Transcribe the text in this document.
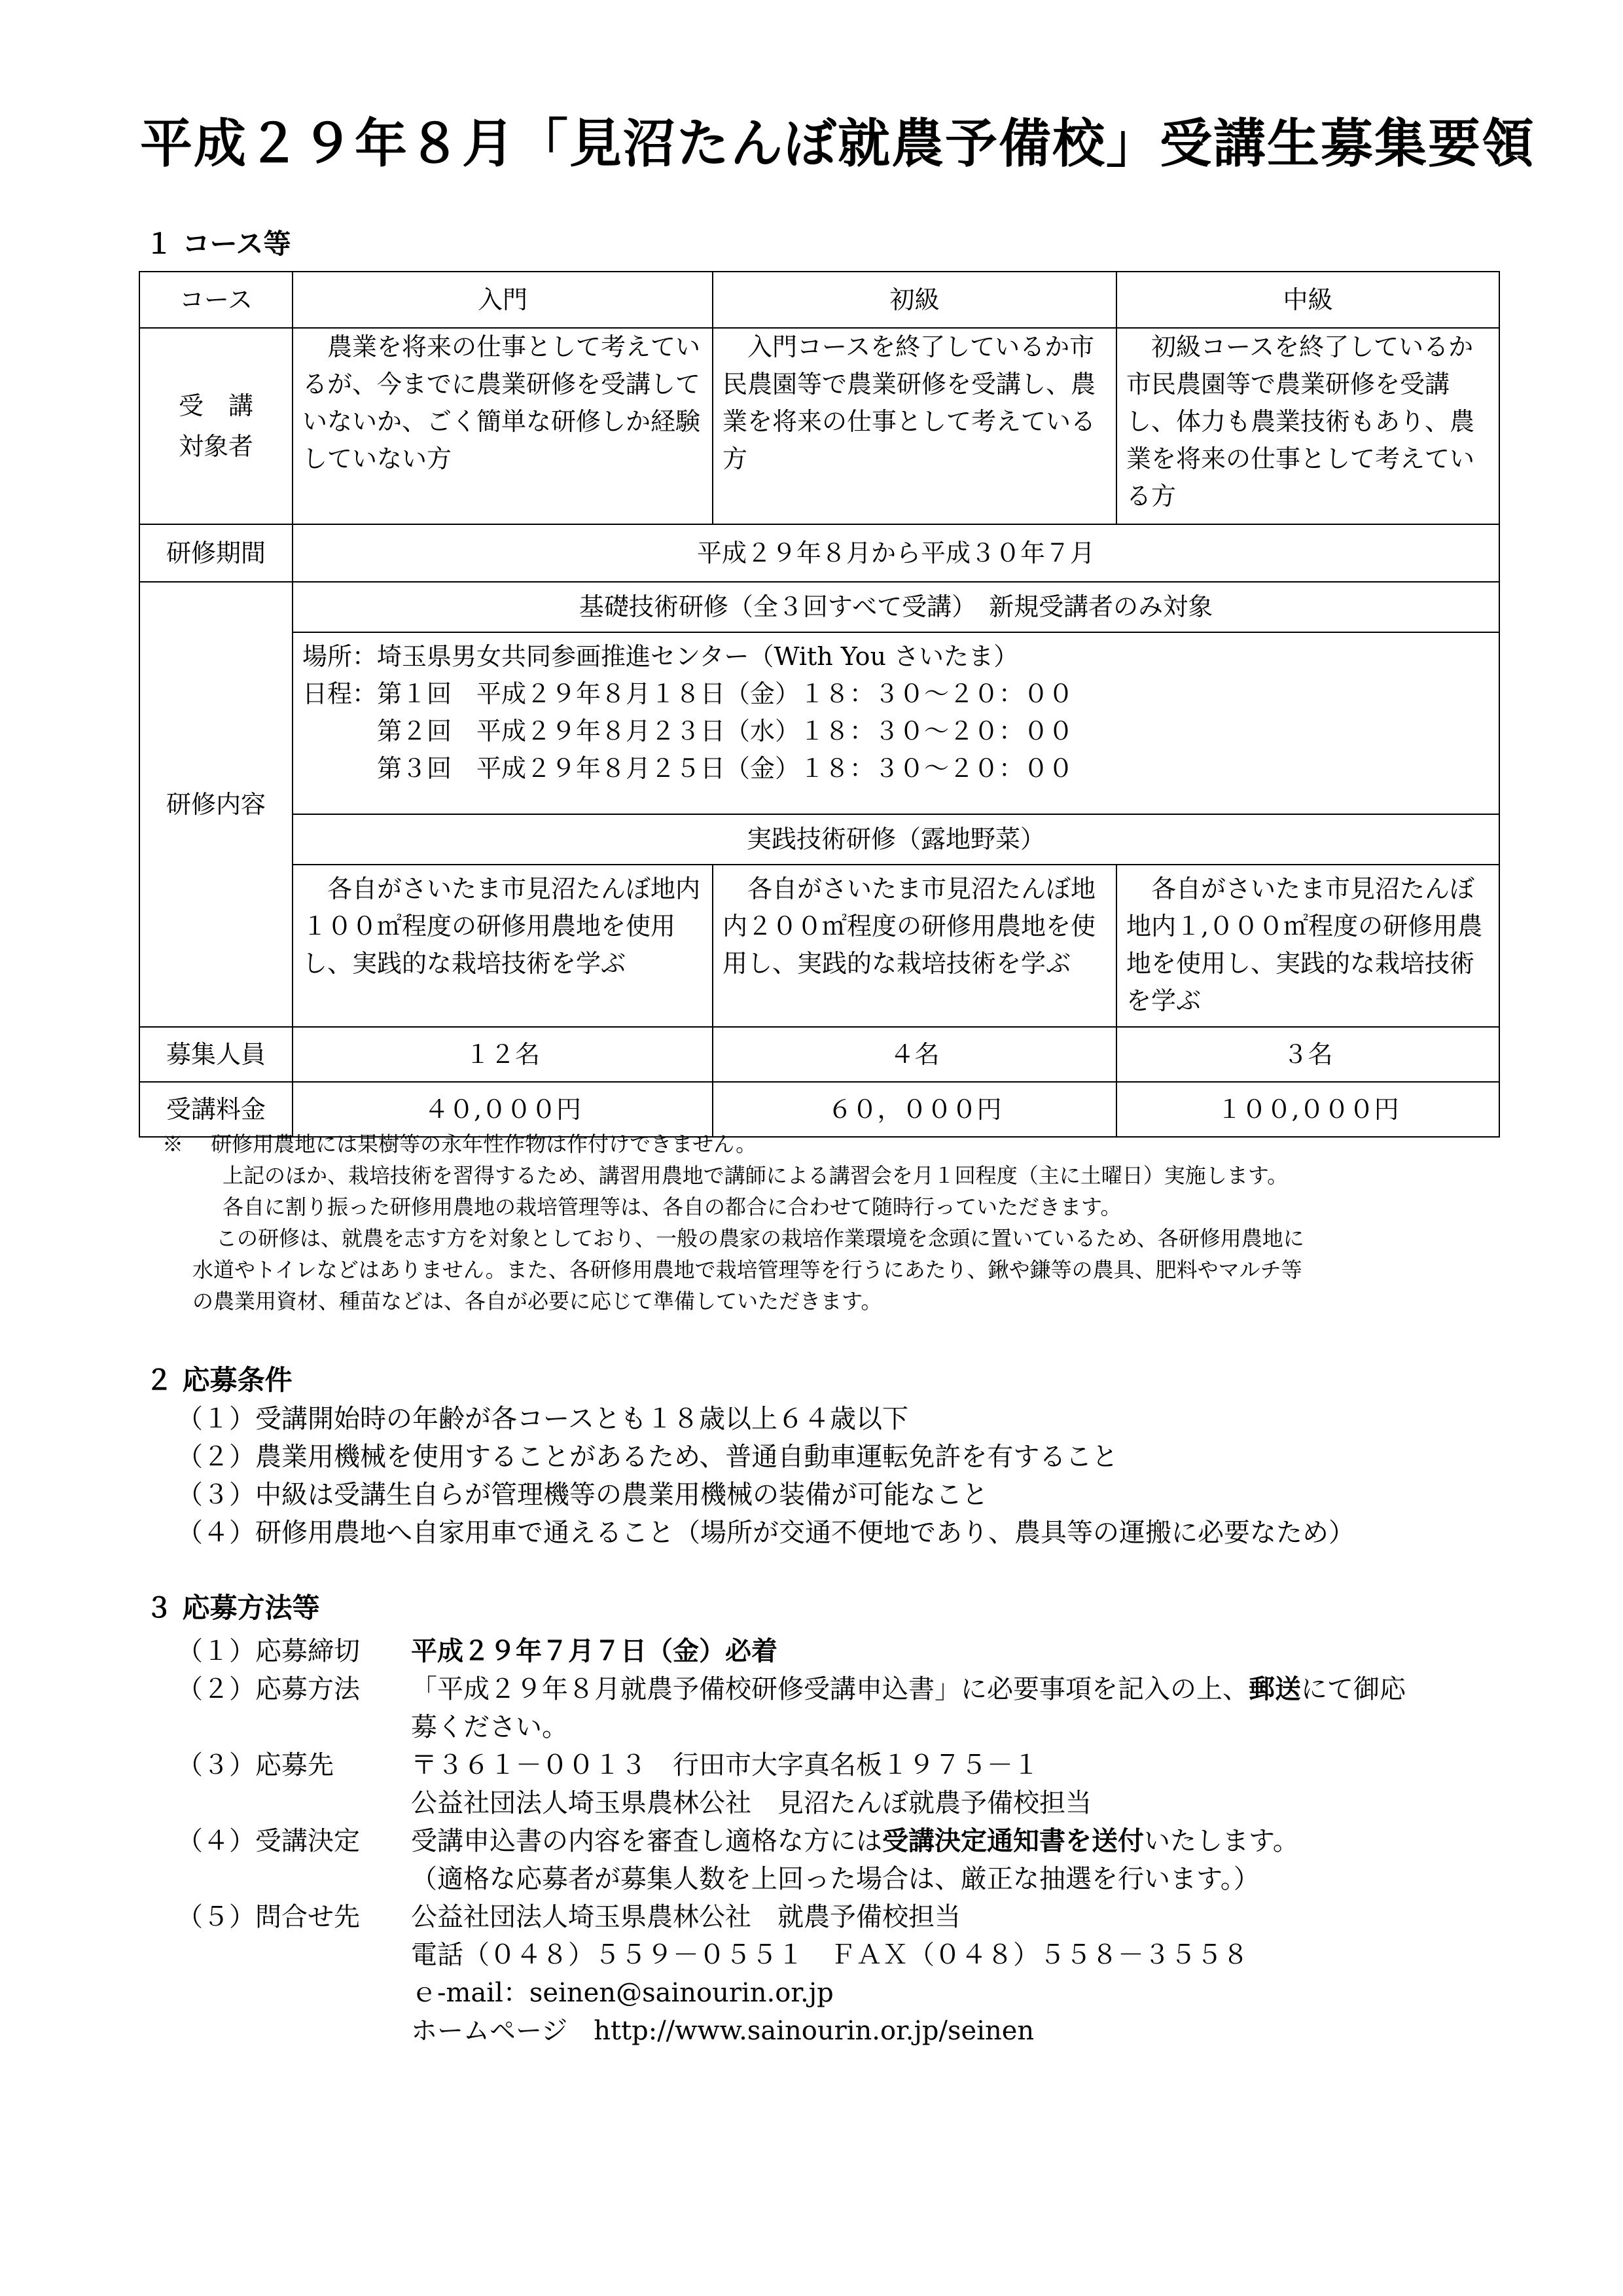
平成２９年８月「見沼たんぼ就農予備校」受講生募集要領
１ コース等
コース	入門	初級	中級
受　講
対象者	農業を将来の仕事として考えているが、今までに農業研修を受講していないか、ごく簡単な研修しか経験していない方	入門コースを終了しているか市民農園等で農業研修を受講し、農業を将来の仕事として考えている方	初級コースを終了しているか市民農園等で農業研修を受講し、体力も農業技術もあり、農業を将来の仕事として考えている方
研修期間	平成２９年８月から平成３０年７月		
研修内容	基礎技術研修（全３回すべて受講）　新規受講者のみ対象		

	場所：埼玉県男女共同参画推進センター（With You さいたま）
日程：第１回　平成２９年８月１８日（金）１８：３０～２０：００
　　　第２回　平成２９年８月２３日（水）１８：３０～２０：００
　　　第３回　平成２９年８月２５日（金）１８：３０～２０：００		

	実践技術研修（露地野菜）		
	各自がさいたま市見沼たんぼ地内１００㎡程度の研修用農地を使用し、実践的な栽培技術を学ぶ	各自がさいたま市見沼たんぼ地内２００㎡程度の研修用農地を使用し、実践的な栽培技術を学ぶ	各自がさいたま市見沼たんぼ地内１,０００㎡程度の研修用農地を使用し、実践的な栽培技術を学ぶ
募集人員	１２名	４名	３名
受講料金	４０,０００円	６０，０００円	１００,０００円
※　 研修用農地には果樹等の永年性作物は作付けできません。
上記のほか、栽培技術を習得するため、講習用農地で講師による講習会を月１回程度（主に土曜日）実施します。
各自に割り振った研修用農地の栽培管理等は、各自の都合に合わせて随時行っていただきます。
この研修は、就農を志す方を対象としており、一般の農家の栽培作業環境を念頭に置いているため、各研修用農地に
水道やトイレなどはありません。また、各研修用農地で栽培管理等を行うにあたり、鍬や鎌等の農具、肥料やマルチ等
の農業用資材、種苗などは、各自が必要に応じて準備していただきます。
２ 応募条件
（１）受講開始時の年齢が各コースとも１８歳以上６４歳以下
（２）農業用機械を使用することがあるため、普通自動車運転免許を有すること
（３）中級は受講生自らが管理機等の農業用機械の装備が可能なこと
（４）研修用農地へ自家用車で通えること（場所が交通不便地であり、農具等の運搬に必要なため）
３ 応募方法等
（１）応募締切 平成２９年７月７日（金）必着
（２）応募方法 「平成２９年８月就農予備校研修受講申込書」に必要事項を記入の上、郵送にて御応
募ください。
（３）応募先	〒３６１－００１３　行田市大字真名板１９７５－１
公益社団法人埼玉県農林公社　見沼たんぼ就農予備校担当
（４）受講決定 受講申込書の内容を審査し適格な方には受講決定通知書を送付いたします。
（適格な応募者が募集人数を上回った場合は、厳正な抽選を行います。）
（５）問合せ先 公益社団法人埼玉県農林公社　就農予備校担当
電話（０４８）５５９－０５５１　ＦＡＸ（０４８）５５８－３５５８
ｅ-mail：seinen@sainourin.or.jp
ホームページ　http://www.sainourin.or.jp/seinen
